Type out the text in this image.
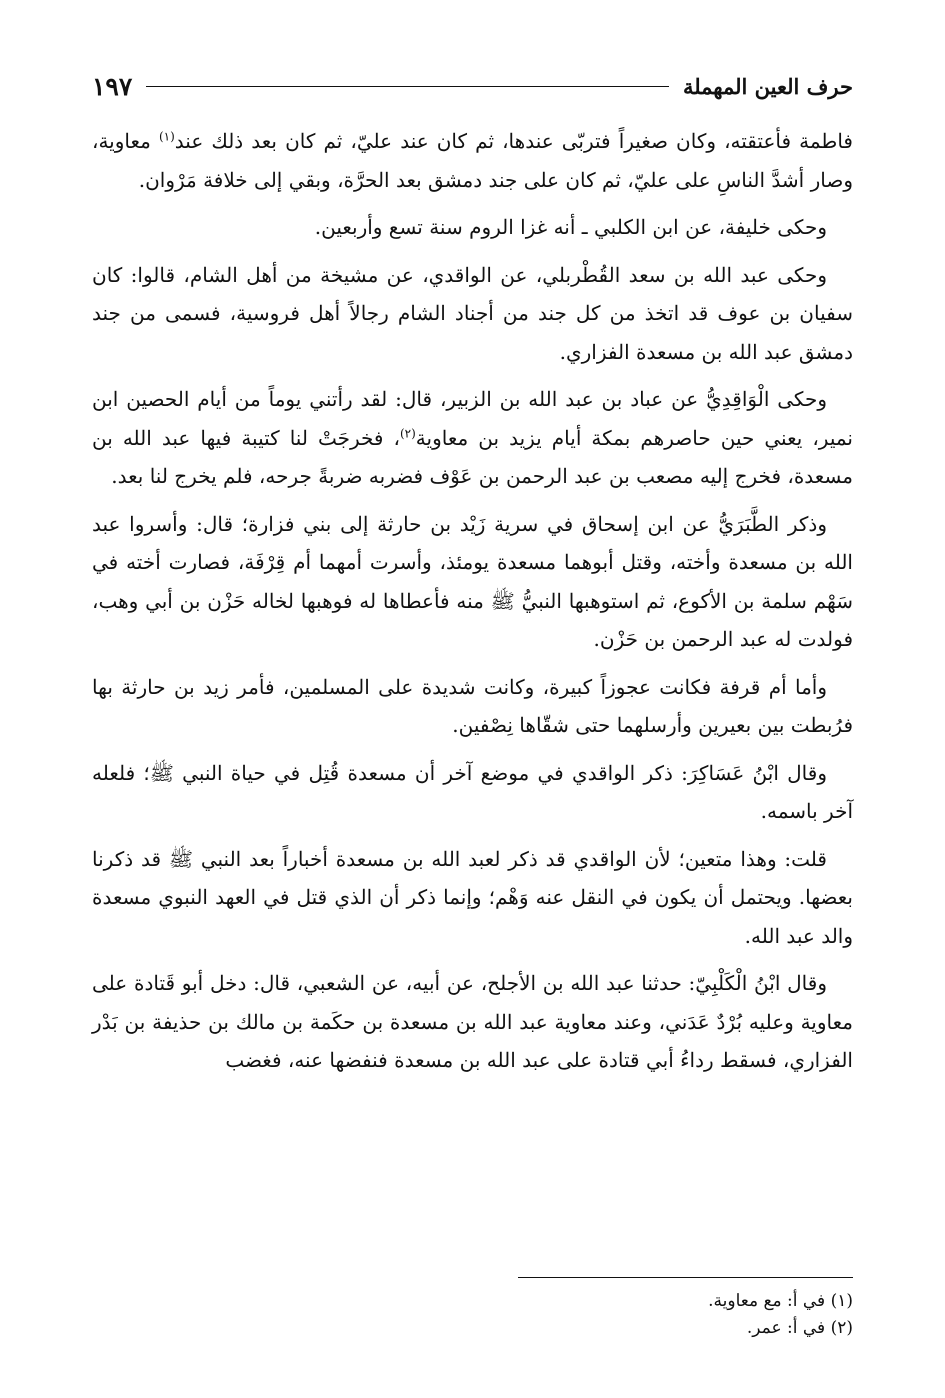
حرف العين المهملة
١٩٧

فاطمة فأعتقته، وكان صغيراً فتربّى عندها، ثم كان عند عليّ، ثم كان بعد ذلك عند$^{(١)}$ معاوية، وصار أشدَّ الناسِ على عليّ، ثم كان على جند دمشق بعد الحرَّة، وبقي إلى خلافة مَرْوان.

وحكى خليفة، عن ابن الكلبي ـ أنه غزا الروم سنة تسع وأربعين.

وحكى عبد الله بن سعد القُطْربلي، عن الواقدي، عن مشيخة من أهل الشام، قالوا: كان سفيان بن عوف قد اتخذ من كل جند من أجناد الشام رجالاً أهل فروسية، فسمى من جند دمشق عبد الله بن مسعدة الفزاري.

وحكى الْوَاقِدِيُّ عن عباد بن عبد الله بن الزبير، قال: لقد رأتني يوماً من أيام الحصين ابن نمير، يعني حين حاصرهم بمكة أيام يزيد بن معاوية$^{(٢)}$، فخرجَتْ لنا كتيبة فيها عبد الله بن مسعدة، فخرج إليه مصعب بن عبد الرحمن بن عَوْف فضربه ضربةً جرحه، فلم يخرج لنا بعد.

وذكر الطَّبَرَيُّ عن ابن إسحاق في سرية زَيْد بن حارثة إلى بني فزارة؛ قال: وأسروا عبد الله بن مسعدة وأخته، وقتل أبوهما مسعدة يومئذ، وأسرت أمهما أم قِرْفَة، فصارت أخته في سَهْم سلمة بن الأكوع، ثم استوهبها النبيُّ ﷺ منه فأعطاها له فوهبها لخاله حَزْن بن أبي وهب، فولدت له عبد الرحمن بن حَزْن.

وأما أم قرفة فكانت عجوزاً كبيرة، وكانت شديدة على المسلمين، فأمر زيد بن حارثة بها فرُبطت بين بعيرين وأرسلهما حتى شقّاها نِصْفين.

وقال ابْنُ عَسَاكِرَ: ذكر الواقدي في موضع آخر أن مسعدة قُتِل في حياة النبي ﷺ؛ فلعله آخر باسمه.

قلت: وهذا متعين؛ لأن الواقدي قد ذكر لعبد الله بن مسعدة أخباراً بعد النبي ﷺ قد ذكرنا بعضها. ويحتمل أن يكون في النقل عنه وَهْم؛ وإنما ذكر أن الذي قتل في العهد النبوي مسعدة والد عبد الله.

وقال ابْنُ الْكَلْبِيّ: حدثنا عبد الله بن الأجلح، عن أبيه، عن الشعبي، قال: دخل أبو قَتادة على معاوية وعليه بُرْدٌ عَدَني، وعند معاوية عبد الله بن مسعدة بن حكَمة بن مالك بن حذيفة بن بَدْر الفزاري، فسقط رداءُ أبي قتادة على عبد الله بن مسعدة فنفضها عنه، فغضب

(١) في أ: مع معاوية.
(٢) في أ: عمر.
